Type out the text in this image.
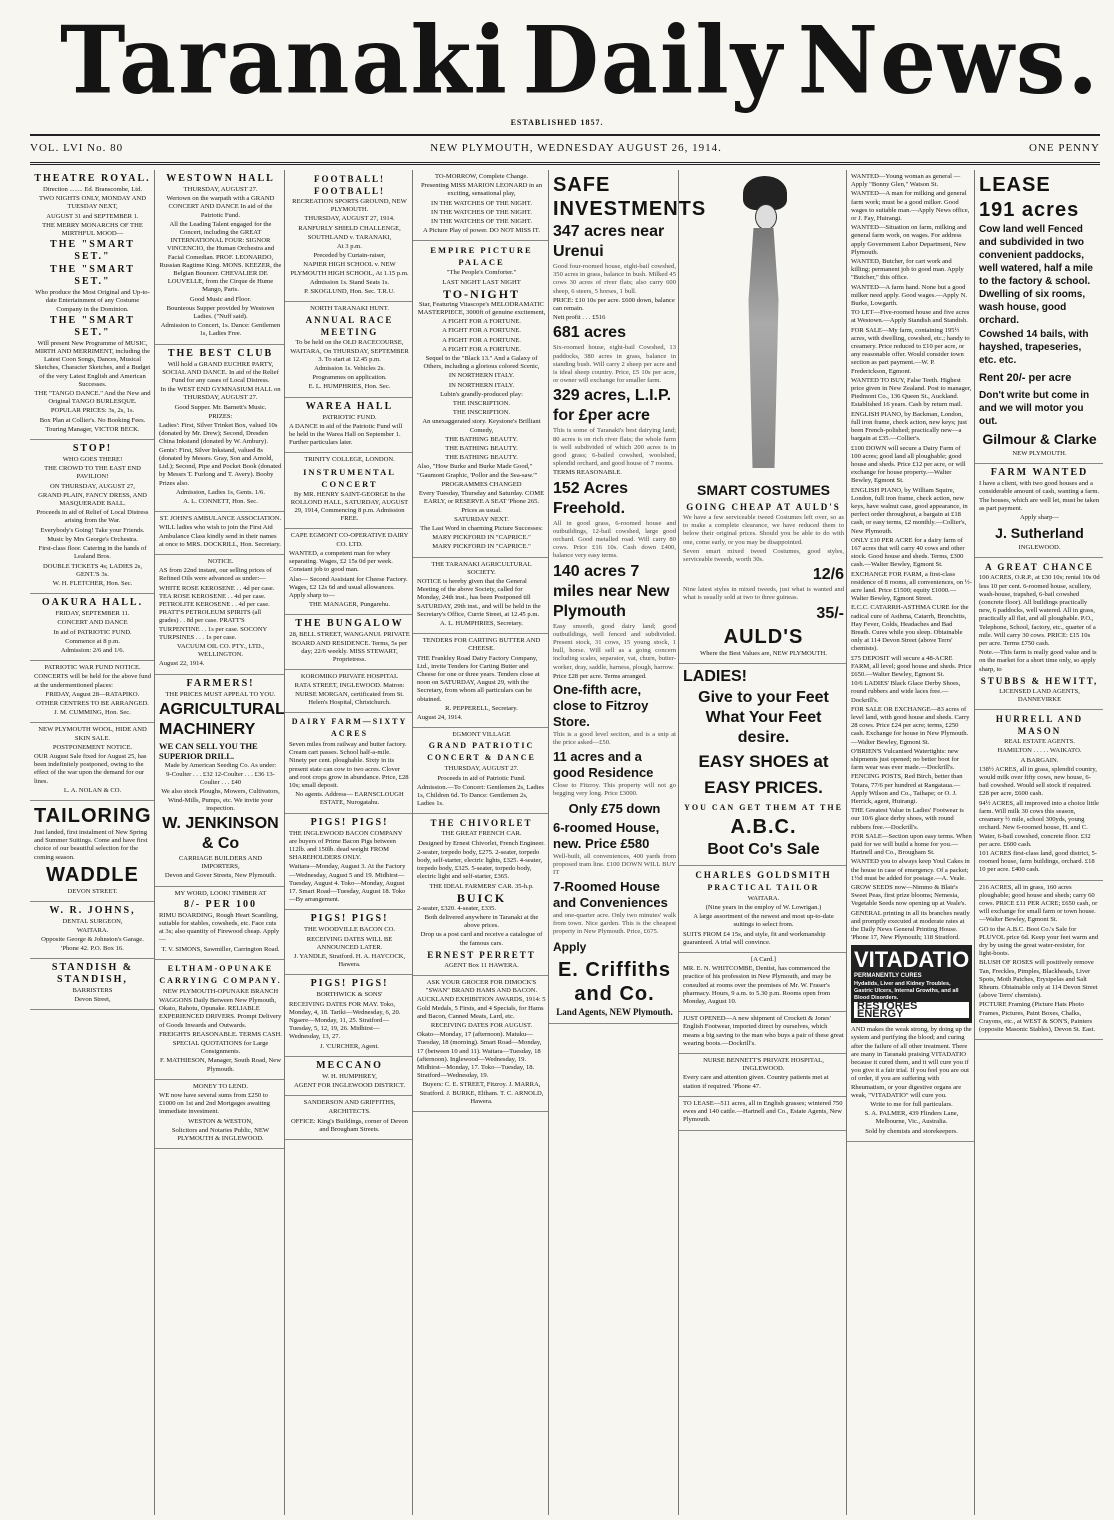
Taranaki Daily News.
ESTABLISHED 1857.
VOL. LVI No. 80	NEW PLYMOUTH, WEDNESDAY AUGUST 26, 1914.	ONE PENNY

THEATRE ROYAL.

Direction ........ Ed. Branscombe, Ltd.

TWO NIGHTS ONLY, MONDAY AND TUESDAY NEXT,

AUGUST 31 and SEPTEMBER 1.

THE MERRY MONARCHS OF THE MIRTHFUL MOOD—

THE "SMART SET."

THE "SMART SET."

Who produce the Most Original and Up-to-date Entertainment of any Costume Company in the Dominion.

THE "SMART SET."

Will present New Programme of MUSIC, MIRTH AND MERRIMENT, including the Latest Coon Songs, Dances, Musical Sketches, Character Sketches, and a Budget of the very Latest English and American Successes.

THE "TANGO DANCE." And the New and Original TANGO BURLESQUE.

POPULAR PRICES: 3s, 2s, 1s.

Box Plan at Collier's. No Booking Fees.

Touring Manager, VICTOR BECK.

STOP!

WHO GOES THERE!

THE CROWD TO THE EAST END PAVILION!

ON THURSDAY, AUGUST 27,

GRAND PLAIN, FANCY DRESS, AND MASQUERADE BALL.

Proceeds in aid of Relief of Local Distress arising from the War.

Everybody's Going! Take your Friends.

Music by Mrs George's Orchestra.

First-class floor. Catering in the hands of Lealand Bros.

DOUBLE TICKETS 4s; LADIES 2s, GENT.'S 3s.

W. H. FLETCHER, Hon. Sec.

OAKURA HALL.

FRIDAY, SEPTEMBER 11.

CONCERT AND DANCE

In aid of PATRIOTIC FUND.

Commence at 8 p.m.

Admission: 2/6 and 1/6.

PATRIOTIC WAR FUND NOTICE.

CONCERTS will be held for the above fund at the undermentioned places:

FRIDAY, August 28—RATAPIKO.

OTHER CENTRES TO BE ARRANGED.

J. M. CUMMING, Hon. Sec.

NEW PLYMOUTH WOOL, HIDE AND SKIN SALE.

POSTPONEMENT NOTICE.

OUR August Sale fixed for August 25, has been indefinitely postponed, owing to the effect of the war upon the demand for our lines.

L. A. NOLAN & CO.

TAILORING

Just landed, first instalment of New Spring and Summer Suitings. Come and have first choice of our beautiful selection for the coming season.

WADDLE

DEVON STREET.

W. R. JOHNS,

DENTAL SURGEON,

WAITARA.

Opposite George & Johnston's Garage. 'Phone 42. P.O. Box 16.

STANDISH & STANDISH,

BARRISTERS

Devon Street,

WESTOWN HALL

THURSDAY, AUGUST 27.

Wertown on the warpath with a GRAND CONCERT AND DANCE In aid of the Patriotic Fund.

All the Leading Talent engaged for the Concert, including the GREAT INTERNATIONAL FOUR: SIGNOR VINCENCIO, the Human Orchestra and Facial Comedian. PROF. LEONARDO, Russian Ragtime King. MONS. KEEZER, the Belgian Bouncer. CHEVALIER DE LOUVELLE, from the Cirque de Hume Mango, Paris.

Good Music and Floor.

Bounteous Supper provided by Westown Ladies. ("Nuff said).

Admission to Concert, 1s. Dance: Gentlemen 1s, Ladies Free.

THE BEST CLUB

Will hold a GRAND EUCHRE PARTY, SOCIAL AND DANCE. In aid of the Relief Fund for any cases of Local Distress.

In the WEST END GYMNASIUM HALL on THURSDAY, AUGUST 27.

Good Supper. Mr. Barnett's Music.

PRIZES:

Ladies': First, Silver Trinket Box, valued 10s (donated by Mr. Drew); Second, Dresden China Inkstand (donated by W. Ambury). Gents': First, Silver Inkstand, valued 8s (donated by Messrs. Gray, Son and Arnold, Ltd.); Second, Pipe and Pocket Book (donated by Messrs T. Furlong and T. Avery). Booby Prizes also.

Admission, Ladies 1s, Gents. 1/6.

A. L. CONNETT, Hon. Sec.

ST. JOHN'S AMBULANCE ASSOCIATION.

WILL ladies who wish to join the First Aid Ambulance Class kindly send in their names at once to MRS. DOCKRILL, Hon. Secretary.

NOTICE.

AS from 22nd instant, our selling prices of Refined Oils were advanced as under:—

WHITE ROSE KEROSENE . . 4d per case. TEA ROSE KEROSENE . . 4d per case. PETROLITE KEROSENE . . 4d per case. PRATT'S PETROLEUM SPIRITS (all grades) . . 8d per case. PRATT'S TURPENTINE . . 1s per case. SOCONY TURPSINES . . . 1s per case.

VACUUM OIL CO. PTY., LTD., WELLINGTON.

August 22, 1914.

FARMERS!

THE PRICES MUST APPEAL TO YOU.

AGRICULTURAL MACHINERY

WE CAN SELL YOU THE SUPERIOR DRILL.

Made by American Seeding Co. As under:

9-Coulter . . . £32 12-Coulter . . . £36 13-Coulter . . . £40

We also stock Ploughs, Mowers, Cultivators, Wind-Mills, Pumps, etc. We invite your inspection.

W. JENKINSON & Co

CARRIAGE BUILDERS AND IMPORTERS,

Devon and Gover Streets, New Plymouth.

MY WORD, LOOK! TIMBER AT

8/- PER 100

RIMU BOARDING, Rough Heart Scantling, suitable for stables, cowsheds, etc. Face cuts at 3s; also quantity of Firewood cheap. Apply—

T. V. SIMONS, Sawmiller, Carrington Road.

ELTHAM-OPUNAKE CARRYING COMPANY.

NEW PLYMOUTH-OPUNAKE BRANCH

WAGGONS Daily Between New Plymouth, Okato, Rahotu, Opunake. RELIABLE EXPERIENCED DRIVERS. Prompt Delivery of Goods Inwards and Outwards.

FREIGHTS REASONABLE. TERMS CASH.

SPECIAL QUOTATIONS for Large Consignments.

F. MATHIESON, Manager, South Road, New Plymouth.

MONEY TO LEND.

WE now have several sums from £250 to £1000 on 1st and 2nd Mortgages awaiting immediate investment.

WESTON & WESTON,

Solicitors and Notaries Public, NEW PLYMOUTH & INGLEWOOD.

FOOTBALL! FOOTBALL!

RECREATION SPORTS GROUND, NEW PLYMOUTH.

THURSDAY, AUGUST 27, 1914.

RANFURLY SHIELD CHALLENGE,

SOUTHLAND v. TARANAKI,

At 3 p.m.

Preceded by Curtain-raiser,

NAPIER HIGH SCHOOL v. NEW PLYMOUTH HIGH SCHOOL, At 1.15 p.m.

Admission 1s. Stand Seats 1s.

P. SKOGLUND, Hon. Sec. T.R.U.

NORTH TARANAKI HUNT.

ANNUAL RACE MEETING

To be held on the OLD RACECOURSE, WAITARA, On THURSDAY, SEPTEMBER 3. To start at 12.45 p.m.

Admission 1s. Vehicles 2s.

Programmes on application.

E. L. HUMPHRIES, Hon. Sec.

WAREA HALL

PATRIOTIC FUND.

A DANCE in aid of the Patriotic Fund will be held in the Warea Hall on September 1. Further particulars later.

TRINITY COLLEGE, LONDON.

INSTRUMENTAL CONCERT

By MR. HENRY SAINT-GEORGE In the ROLLOND HALL, SATURDAY, AUGUST 29, 1914, Commencing 8 p.m. Admission FREE.

CAPE EGMONT CO-OPERATIVE DAIRY CO. LTD.

WANTED, a competent man for whey separating. Wages, £2 15s 0d per week. Constant job to good man.

Also— Second Assistant for Cheese Factory. Wages, £2 12s 6d and usual allowances. Apply sharp to—

THE MANAGER, Pungarehu.

THE BUNGALOW

28, BELL STREET, WANGANUI. PRIVATE BOARD AND RESIDENCE. Terms, 5s per day; 22/6 weekly. MISS STEWART, Proprietress.

KOROMIKO PRIVATE HOSPITAL

RATA STREET, INGLEWOOD. Matron: NURSE MORGAN, certificated from St. Helen's Hospital, Christchurch.

DAIRY FARM—SIXTY ACRES

Seven miles from railway and butter factory. Cream cart passes. School half-a-mile. Ninety per cent. ploughable. Sixty in its present state can cow to two acres. Clover and root crops grow in abundance. Price, £28 10s; small deposit.

No agents. Address— EARNSCLOUGH ESTATE, Nurogatahu.

PIGS! PIGS!

THE INGLEWOOD BACON COMPANY are buyers of Prime Bacon Pigs between 112lb. and 150lb. dead weight FROM SHAREHOLDERS ONLY.

Waitara—Monday, August 3. At the Factory—Wednesday, August 5 and 19. Midhirst—Tuesday, August 4. Toko—Monday, August 17. Smart Road—Tuesday, August 18. Toko—By arrangement.

PIGS! PIGS!

THE WOODVILLE BACON CO.

RECEIVING DATES WILL BE ANNOUNCED LATER.

J. YANDLE, Stratford. H. A. HAYCOCK, Hawera.

PIGS! PIGS!

BORTHWICK & SONS'

RECEIVING DATES FOR MAY. Toko, Monday, 4, 18. Tariki—Wednesday, 6, 20. Ngaere—Monday, 11, 25. Stratford—Tuesday, 5, 12, 19, 26. Midhirst—Wednesday, 13, 27.

J. 'CURCHER, Agent.

MECCANO

W. H. HUMPHREY,

AGENT FOR INGLEWOOD DISTRICT.

SANDERSON AND GRIFFITHS,

ARCHITECTS.

OFFICE: King's Buildings, corner of Devon and Brougham Streets.

TO-MORROW, Complete Change.

Presenting MISS MARION LEONARD in an exciting, sensational play,

IN THE WATCHES OF THE NIGHT.

IN THE WATCHES OF THE NIGHT.

IN THE WATCHES OF THE NIGHT.

A Picture Play of power. DO NOT MISS IT.

EMPIRE PICTURE PALACE

"The People's Comforter."

LAST NIGHT LAST NIGHT

TO-NIGHT

Star, Featuring Vitascope's MELODRAMATIC MASTERPIECE, 3000ft of genuine excitement,

A FIGHT FOR A FORTUNE.

A FIGHT FOR A FORTUNE.

A FIGHT FOR A FORTUNE.

A FIGHT FOR A FORTUNE.

Sequel to the "Black 13." And a Galaxy of Others, including a glorious colored Scenic,

IN NORTHERN ITALY.

IN NORTHERN ITALY.

Lubin's grandly-produced play:

THE INSCRIPTION.

THE INSCRIPTION.

An unexaggerated story. Keystone's Brilliant Comedy,

THE BATHING BEAUTY.

THE BATHING BEAUTY.

THE BATHING BEAUTY.

Also, "How Burke and Burke Made Good," "Gaumont Graphic, 'Pollor and the Sea-saw.'"

PROGRAMMES CHANGED

Every Tuesday, Thursday and Saturday. COME EARLY, or RESERVE A SEAT 'Phone 265. Prices as usual.

SATURDAY NEXT.

The Last Word in charming Picture Successes:

MARY PICKFORD IN "CAPRICE."

MARY PICKFORD IN "CAPRICE."

THE TARANAKI AGRICULTURAL SOCIETY.

NOTICE is hereby given that the General Meeting of the above Society, called for Monday, 24th inst., has been Postponed till SATURDAY, 29th inst., and will be held in the Secretary's Office, Currie Street, at 12.45 p.m.

A. L. HUMPHRIES, Secretary.

TENDERS FOR CARTING BUTTER AND CHEESE.

THE Frankley Road Dairy Factory Company, Ltd., invite Tenders for Carting Butter and Cheese for one or three years. Tenders close at noon on SATURDAY, August 29, with the Secretary, from whom all particulars can be obtained.

R. PEPPERELL, Secretary.

August 24, 1914.

EGMONT VILLAGE

GRAND PATRIOTIC CONCERT & DANCE

THURSDAY, AUGUST 27.

Proceeds in aid of Patriotic Fund.

Admission.—To Concert: Gentlemen 2s, Ladies 1s, Children 6d. To Dance: Gentlemen 2s, Ladies 1s.

THE CHIVORLET

THE GREAT FRENCH CAR.

Designed by Ernest Chivorlet, French Engineer.

2-seater, torpedo body, £275. 2-seater, torpedo body, self-starter, electric lights, £325. 4-seater, torpedo body, £325. 5-seater, torpedo body, electric light and self-starter, £365.

THE IDEAL FARMERS' CAR. 35-h.p.

BUICK

2-seater, £320. 4-seater, £335.

Both delivered anywhere in Taranaki at the above prices.

Drop us a post card and receive a catalogue of the famous cars.

ERNEST PERRETT

AGENT Box 11 HAWERA.

ASK YOUR GROCER FOR DIMOCK'S "SWAN" BRAND HAMS AND BACON.

AUCKLAND EXHIBITION AWARDS, 1914: 5 Gold Medals, 5 Firsts, and 4 Specials, for Hams and Bacon, Canned Meats, Lard, etc.

RECEIVING DATES FOR AUGUST.

Okato—Monday, 17 (afternoon). Matuku—Tuesday, 18 (morning). Smart Road—Monday, 17 (between 10 and 11). Waitara—Tuesday, 18 (afternoon). Inglewood—Wednesday, 19. Midhirst—Monday, 17. Toko—Tuesday, 18. Stratford—Wednesday, 19.

Buyers: C. E. STREET, Fitzroy. J. MARRA, Stratford. J. BURKE, Eltham. T. C. ARNOLD, Hawera.

SAFE INVESTMENTS

347 acres near Urenui

Good four-roomed house, eight-bail cowshed, 350 acres in grass, balance in bush. Milked 45 cows 30 acres of river flats; also carry 600 sheep, 6 steers, 5 horses, 1 bull.

PRICE: £10 10s per acre. £600 down, balance can remain.

Nett profit . . . £516

681 acres

Six-roomed house, eight-bail Cowshed, 13 paddocks, 380 acres in grass, balance in standing bush. Will carry 2 sheep per acre and is ideal sheep country. Price, £5 10s per acre, or owner will exchange for smaller farm.

329 acres, L.I.P. for £per acre

This is some of Taranaki's best dairying land; 80 acres is on rich river flats; the whole farm is well subdivided of which 200 acres is in good grass; 6-bailed cowshed, woolshed, splendid orchard, and good house of 7 rooms.

TERMS REASONABLE.

152 Acres Freehold.

All in good grass, 6-roomed house and outbuildings, 12-bail cowshed, large good orchard. Good metalled road. Will carry 80 cows. Price £16 10s. Cash down £400, balance very easy terms.

140 acres 7 miles near New Plymouth

Easy smooth, good dairy land; good outbuildings, well fenced and subdivided. Present stock, 31 cows, 15 young stock, 1 bull, horse. Will sell as a going concern including scales, separator, vat, churn, butter-worker, dray, saddle, harness, plough, harrow.

Price £28 per acre. Terms arranged.

One-fifth acre, close to Fitzroy Store.

This is a good level section, and is a snip at the price asked—£50.

11 acres and a good Residence

Close to Fitzroy. This property will not go begging very long. Price £3000.

Only £75 down

6-roomed House, new. Price £580

Well-built, all conveniences, 400 yards from proposed tram line. £100 DOWN WILL BUY IT

7-Roomed House and Conveniences

and one-quarter acre. Only two minutes' walk from town. Nice garden. This is the cheapest property in New Plymouth. Price, £675.

Apply

E. Criffiths and Co.

Land Agents, NEW Plymouth.

SMART COSTUMES

GOING CHEAP AT AULD'S

We have a few serviceable tweed Costumes left over, so as to make a complete clearance, we have reduced them to below their original prices. Should you be able to do with one, come early, or you may be disappointed.

Seven smart mixed tweed Costumes, good styles, serviceable tweeds, worth 30s.

12/6

Nine latest styles in mixed tweeds, just what is wanted and what is usually sold at two to three guineas.

35/-

AULD'S

Where the Best Values are, NEW PLYMOUTH.

LADIES!

Give to your Feet What Your Feet desire.

EASY SHOES at EASY PRICES.

YOU CAN GET THEM AT THE

A.B.C.

Boot Co's Sale

CHARLES GOLDSMITH

PRACTICAL TAILOR

WAITARA.

(Nine years in the employ of W. Lowrigan.)

A large assortment of the newest and most up-to-date suitings to select from.

SUITS FROM £4 15s, and style, fit and workmanship guaranteed. A trial will convince.

[A Card.]

MR. E. N. WHITCOMBE, Dentist, has commenced the practice of his profession in New Plymouth, and may be consulted at rooms over the premises of Mr. W. Fraser's pharmacy. Hours, 9 a.m. to 5.30 p.m. Rooms open from Monday, August 10.

JUST OPENED—A new shipment of Crockett & Jones' English Footwear, imported direct by ourselves, which means a big saving to the man who buys a pair of these great wearing boots.—Dockrill's.

NURSE BENNETT'S PRIVATE HOSPITAL, INGLEWOOD.

Every care and attention given. Country patients met at station if required. 'Phone 47.

TO LEASE—511 acres, all in English grasses; wintered 750 ewes and 140 cattle.—Hartnell and Co., Estate Agents, New Plymouth.

WANTED—Young woman as general —Apply "Bonny Glen," Watson St.

WANTED—A man for milking and general farm work; must be a good milker. Good wages to suitable man.—Apply News office, or J. Fay, Huirangi.

WANTED—Situation on farm, milking and general farm work, on wages. For address apply Government Labor Department, New Plymouth.

WANTED, Butcher, for cart work and killing; permanent job to good man. Apply "Butcher," this office.

WANTED—A farm hand. None but a good milker need apply. Good wages.—Apply N. Burke, Lowgarth.

TO LET—Five-roomed house and five acres at Westown.—Apply Standish and Standish.

FOR SALE—My farm, containing 195½ acres, with dwelling, cowshed, etc.; handy to creamery. Price reduced to £10 per acre, or any reasonable offer. Would consider town section as part payment.—W. P. Frederickson, Egmont.

WANTED TO BUY, False Teeth. Highest price given in New Zealand. Post to manager, Piedmont Co., 136 Queen St., Auckland. Established 16 years. Cash by return mail.

ENGLISH PIANO, by Backman, London, full iron frame, check action, new keys; just been French-polished; practically new—a bargain at £35.—Collier's.

£100 DOWN will secure a Dairy Farm of 100 acres; good land all ploughable; good house and sheds. Price £12 per acre, or will exchange for house property.—Walter Bewley, Egmont St.

ENGLISH PIANO, by William Squire, London, full iron frame, check action, new keys, have walnut case, good appearance, in perfect order throughout, a bargain at £18 cash, or easy terms, £2 monthly.—Collier's, New Plymouth.

ONLY £10 PER ACRE for a dairy farm of 167 acres that will carry 40 cows and other stock. Good house and sheds. Terms, £300 cash.—Walter Bewley, Egmont St.

EXCHANGE FOR FARM, a first-class residence of 8 rooms, all conveniences, on ½-acre land. Price £1500; equity £1000.—Walter Bewley, Egmont Street.

E.C.C. CATARRH-ASTHMA CURE for the radical cure of Asthma, Catarrh, Bronchitis, Hay Fever, Colds, Headaches and Bad Breath. Cures while you sleep. Obtainable only at 114 Devon Street (above Terrs' chemists).

£75 DEPOSIT will secure a 48-ACRE FARM, all level; good house and sheds. Price £650.—Walter Bewley, Egmont St.

10/6 LADIES' Black Glace Derby Shoes, round rubbers and wide laces free.—Dockrill's.

FOR SALE OR EXCHANGE—83 acres of level land, with good house and sheds. Carry 28 cows. Price £24 per acre; terms, £250 cash. Exchange for house in New Plymouth.—Walter Bewley, Egmont St.

O'BRIEN'S Vulcanised Watertights: new shipments just opened; no better boot for farm wear was ever made.—Dockrill's.

FENCING POSTS, Red Birch, better than Totara, 77/6 per hundred at Rangataua.—Apply Wilson and Co., Taihape; or O. J. Herrick, agent, Huirangi.

THE Greatest Value in Ladies' Footwear is our 10/6 glace derby shoes, with round rubbers free.—Dockrill's.

FOR SALE—Section upon easy terms. When paid for we will build a home for you.—Hartnell and Co., Brougham St.

WANTED you to always keep Youl Cakes in the house in case of emergency. Of a packet; 1½d must be added for postage.—A. Veale.

GROW SEEDS now—Nimmo & Blair's Sweet Peas, first prize blooms; Nemesia, Vegetable Seeds now opening up at Veale's.

GENERAL printing in all its branches neatly and promptly executed at moderate rates at the Daily News General Printing House. 'Phone 17, New Plymouth; 118 Stratford.

VITADATIO
PERMANENTLY CURES
Hydatids, Liver and Kidney Troubles, Gastric Ulcers, Internal Growths, and all Blood Disorders.
RESTORES ENERGY

AND makes the weak strong, by doing up the system and purifying the blood; and curing after the failure of all other treatment. There are many in Taranaki praising VITADATIO because it cured them, and it will cure you if you give it a fair trial. If you feel you are out of order, if you are suffering with Rheumatism, or your digestive organs are weak, "VITADATIO" will cure you.

Write to me for full particulars.

S. A. PALMER, 439 Flinders Lane, Melbourne, Vic., Australia.

Sold by chemists and storekeepers.

LEASE

191 acres

Cow land well Fenced and subdivided in two convenient paddocks, well watered, half a mile to the factory & school. Dwelling of six rooms, wash house, good orchard.

Cowshed 14 bails, with hayshed, trapeseries, etc. etc.

Rent 20/- per acre

Don't write but come in and we will motor you out.

Gilmour & Clarke

NEW PLYMOUTH.

FARM WANTED

I have a client, with two good houses and a considerable amount of cash, wanting a farm. The houses, which are well let, must be taken as part payment.

Apply sharp—

J. Sutherland

INGLEWOOD.

A GREAT CHANCE

100 ACRES, O.R.P., at £30 10s; rental 10s 0d less 10 per cent. 6-roomed house, scullery, wash-house, trapshed, 6-bail cowshed (concrete floor). All buildings practically new, 6 paddocks, well watered. All in grass, practically all flat, and all ploughable. P.O., Telephone, School, factory, etc., quarter of a mile. Will carry 30 cows. PRICE: £15 10s per acre. Terms £750 cash.

Note.—This farm is really good value and is on the market for a short time only, so apply sharp, to

STUBBS & HEWITT,

LICENSED LAND AGENTS, DANNEVIRKE

HURRELL AND MASON

REAL ESTATE AGENTS.

HAMILTON . . . . . WAIKATO.

A BARGAIN.

138½ ACRES, all in grass, splendid country, would milk over fifty cows, new house, 6-bail cowshed. Would sell stock if required. £28 per acre, £600 cash.

94½ ACRES, all improved into a choice little farm. Will milk 30 cows this season, creamery ½ mile, school 300yds, young orchard. New 6-roomed house, H. and C. Water, 6-bail cowshed, concrete floor. £32 per acre. £600 cash.

101 ACRES first-class land, good district, 5-roomed house, farm buildings, orchard. £18 10 per acre. £400 cash.

216 ACRES, all in grass, 160 acres ploughable; good house and sheds; carry 60 cows. PRICE £11 PER ACRE; £650 cash, or will exchange for small farm or town house.—Walter Bewley, Egmont St.

GO to the A.B.C. Boot Co.'s Sale for PLUVOL price 6d. Keep your feet warm and dry by using the great water-resister, for light-boots.

BLUSH OF ROSES will positively remove Tan, Freckles, Pimples, Blackheads, Liver Spots, Moth Patches, Erysipelas and Salt Rheum. Obtainable only at 114 Devon Street (above Terrs' chemists).

PICTURE Framing (Picture Hats Photo Frames, Pictures, Paint Boxes, Chalks, Crayons, etc., at WEST & SON'S, Painters (opposite Masonic Stables), Devon St. East.
